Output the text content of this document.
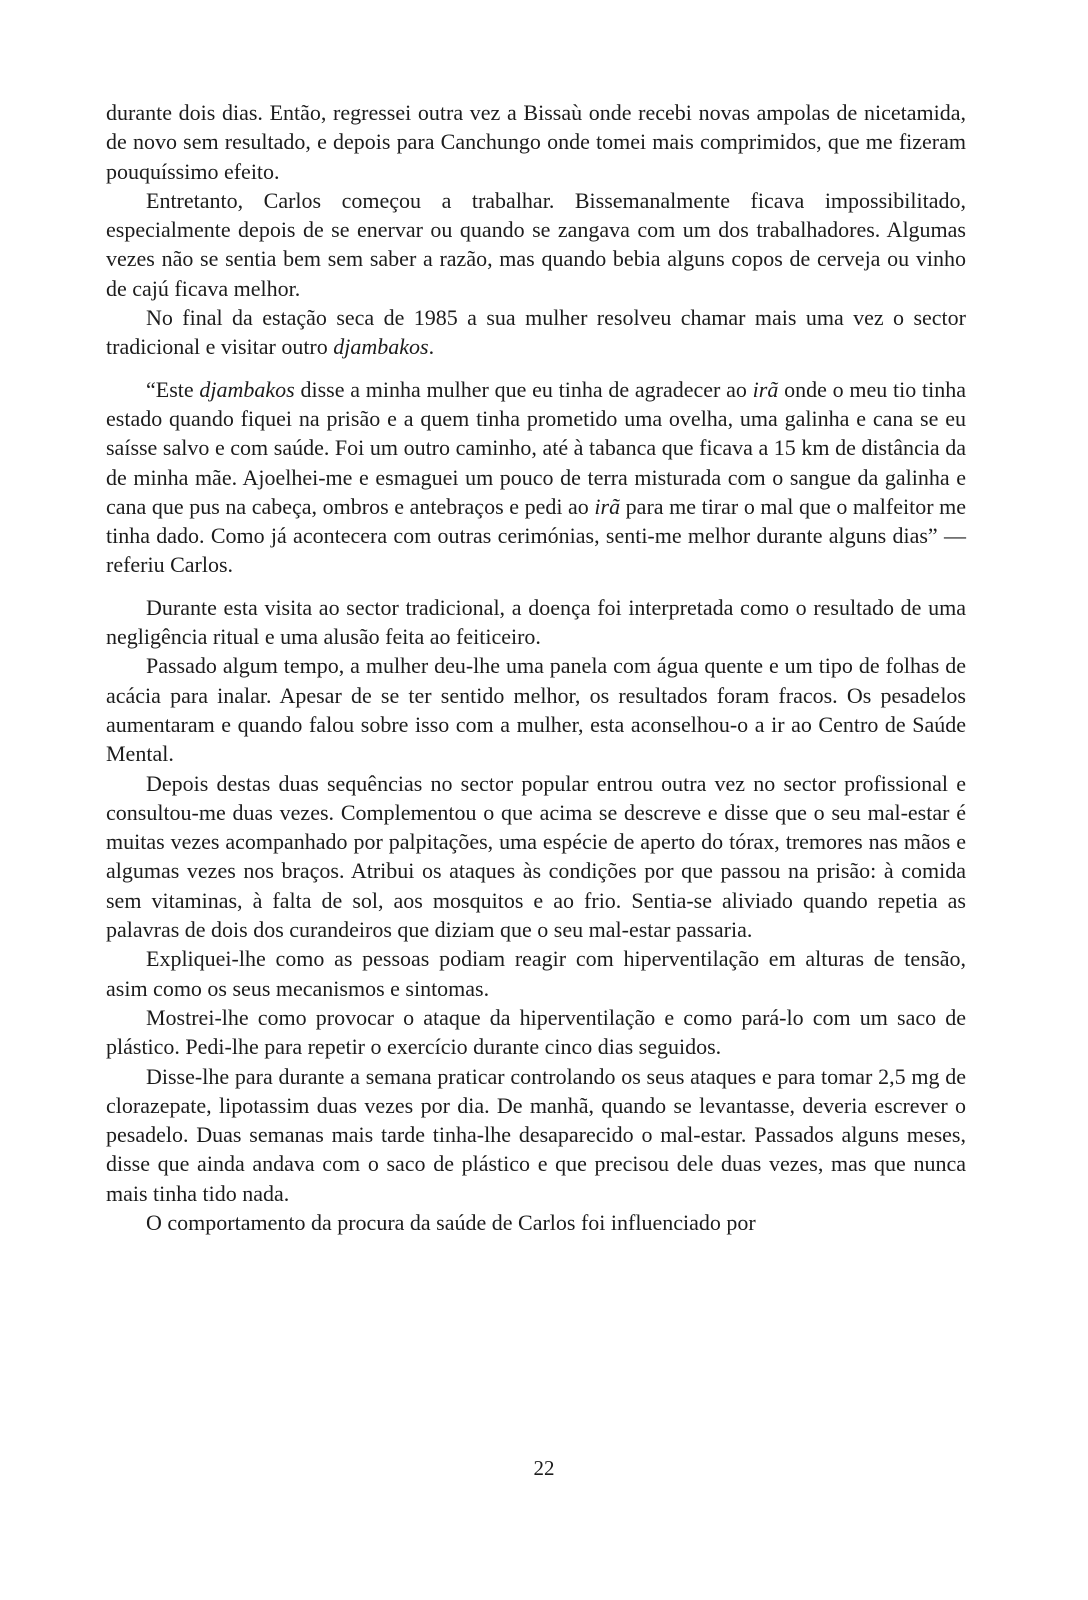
durante dois dias. Então, regressei outra vez a Bissaù onde recebi novas ampolas de nicetamida, de novo sem resultado, e depois para Canchungo onde tomei mais comprimidos, que me fizeram pouquíssimo efeito.

Entretanto, Carlos começou a trabalhar. Bissemanalmente ficava impossibilitado, especialmente depois de se enervar ou quando se zangava com um dos trabalhadores. Algumas vezes não se sentia bem sem saber a razão, mas quando bebia alguns copos de cerveja ou vinho de cajú ficava melhor.

No final da estação seca de 1985 a sua mulher resolveu chamar mais uma vez o sector tradicional e visitar outro djambakos.

“Este djambakos disse a minha mulher que eu tinha de agradecer ao irã onde o meu tio tinha estado quando fiquei na prisão e a quem tinha prometido uma ovelha, uma galinha e cana se eu saísse salvo e com saúde. Foi um outro caminho, até à tabanca que ficava a 15 km de distância da de minha mãe. Ajoelhei-me e esmaguei um pouco de terra misturada com o sangue da galinha e cana que pus na cabeça, ombros e antebraços e pedi ao irã para me tirar o mal que o malfeitor me tinha dado. Como já acontecera com outras cerimónias, senti-me melhor durante alguns dias” — referiu Carlos.

Durante esta visita ao sector tradicional, a doença foi interpretada como o resultado de uma negligência ritual e uma alusão feita ao feiticeiro.

Passado algum tempo, a mulher deu-lhe uma panela com água quente e um tipo de folhas de acácia para inalar. Apesar de se ter sentido melhor, os resultados foram fracos. Os pesadelos aumentaram e quando falou sobre isso com a mulher, esta aconselhou-o a ir ao Centro de Saúde Mental.

Depois destas duas sequências no sector popular entrou outra vez no sector profissional e consultou-me duas vezes. Complementou o que acima se descreve e disse que o seu mal-estar é muitas vezes acompanhado por palpitações, uma espécie de aperto do tórax, tremores nas mãos e algumas vezes nos braços. Atribui os ataques às condições por que passou na prisão: à comida sem vitaminas, à falta de sol, aos mosquitos e ao frio. Sentia-se aliviado quando repetia as palavras de dois dos curandeiros que diziam que o seu mal-estar passaria.

Expliquei-lhe como as pessoas podiam reagir com hiperventilação em alturas de tensão, asim como os seus mecanismos e sintomas.

Mostrei-lhe como provocar o ataque da hiperventilação e como pará-lo com um saco de plástico. Pedi-lhe para repetir o exercício durante cinco dias seguidos.

Disse-lhe para durante a semana praticar controlando os seus ataques e para tomar 2,5 mg de clorazepate, lipotassim duas vezes por dia. De manhã, quando se levantasse, deveria escrever o pesadelo. Duas semanas mais tarde tinha-lhe desaparecido o mal-estar. Passados alguns meses, disse que ainda andava com o saco de plástico e que precisou dele duas vezes, mas que nunca mais tinha tido nada.

O comportamento da procura da saúde de Carlos foi influenciado por

22
